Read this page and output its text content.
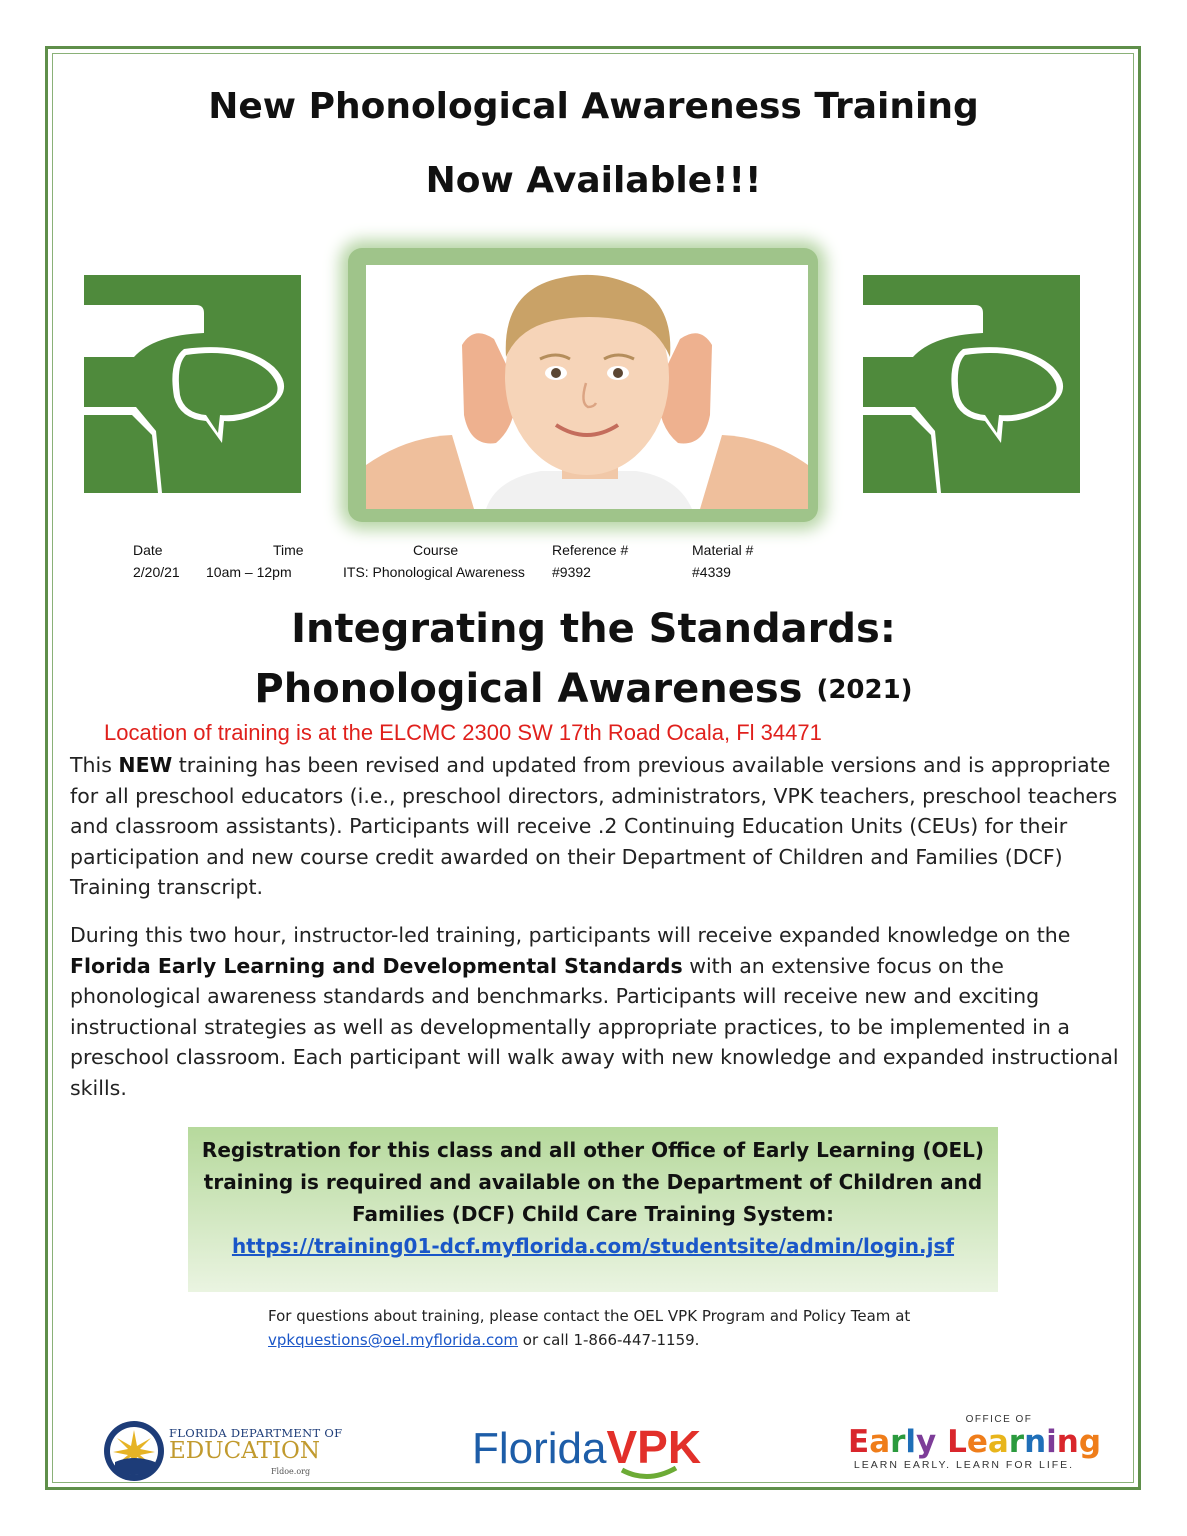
New Phonological Awareness Training
Now Available!!!
Date	Time	Course	Reference #	Material #
2/20/21 10am – 12pm	ITS: Phonological Awareness #9392	#4339
Integrating the Standards:
Phonological Awareness (2021)
Location of training is at the ELCMC 2300 SW 17th Road Ocala, Fl 34471
This NEW training has been revised and updated from previous available versions and is appropriate for all preschool educators (i.e., preschool directors, administrators, VPK teachers, preschool teachers and classroom assistants). Participants will receive .2 Continuing Education Units (CEUs) for their participation and new course credit awarded on their Department of Children and Families (DCF) Training transcript.
During this two hour, instructor-led training, participants will receive expanded knowledge on the Florida Early Learning and Developmental Standards with an extensive focus on the phonological awareness standards and benchmarks. Participants will receive new and exciting instructional strategies as well as developmentally appropriate practices, to be implemented in a preschool classroom. Each participant will walk away with new knowledge and expanded instructional skills.
Registration for this class and all other Office of Early Learning (OEL) training is required and available on the Department of Children and Families (DCF) Child Care Training System:
https://training01-dcf.myflorida.com/studentsite/admin/login.jsf
For questions about training, please contact the OEL VPK Program and Policy Team at vpkquestions@oel.myflorida.com or call 1-866-447-1159.
FLORIDA DEPARTMENT OF
EDUCATION
Fldoe.org	FloridaVPK
OFFICE OF
Early Learning
LEARN EARLY. LEARN FOR LIFE.
